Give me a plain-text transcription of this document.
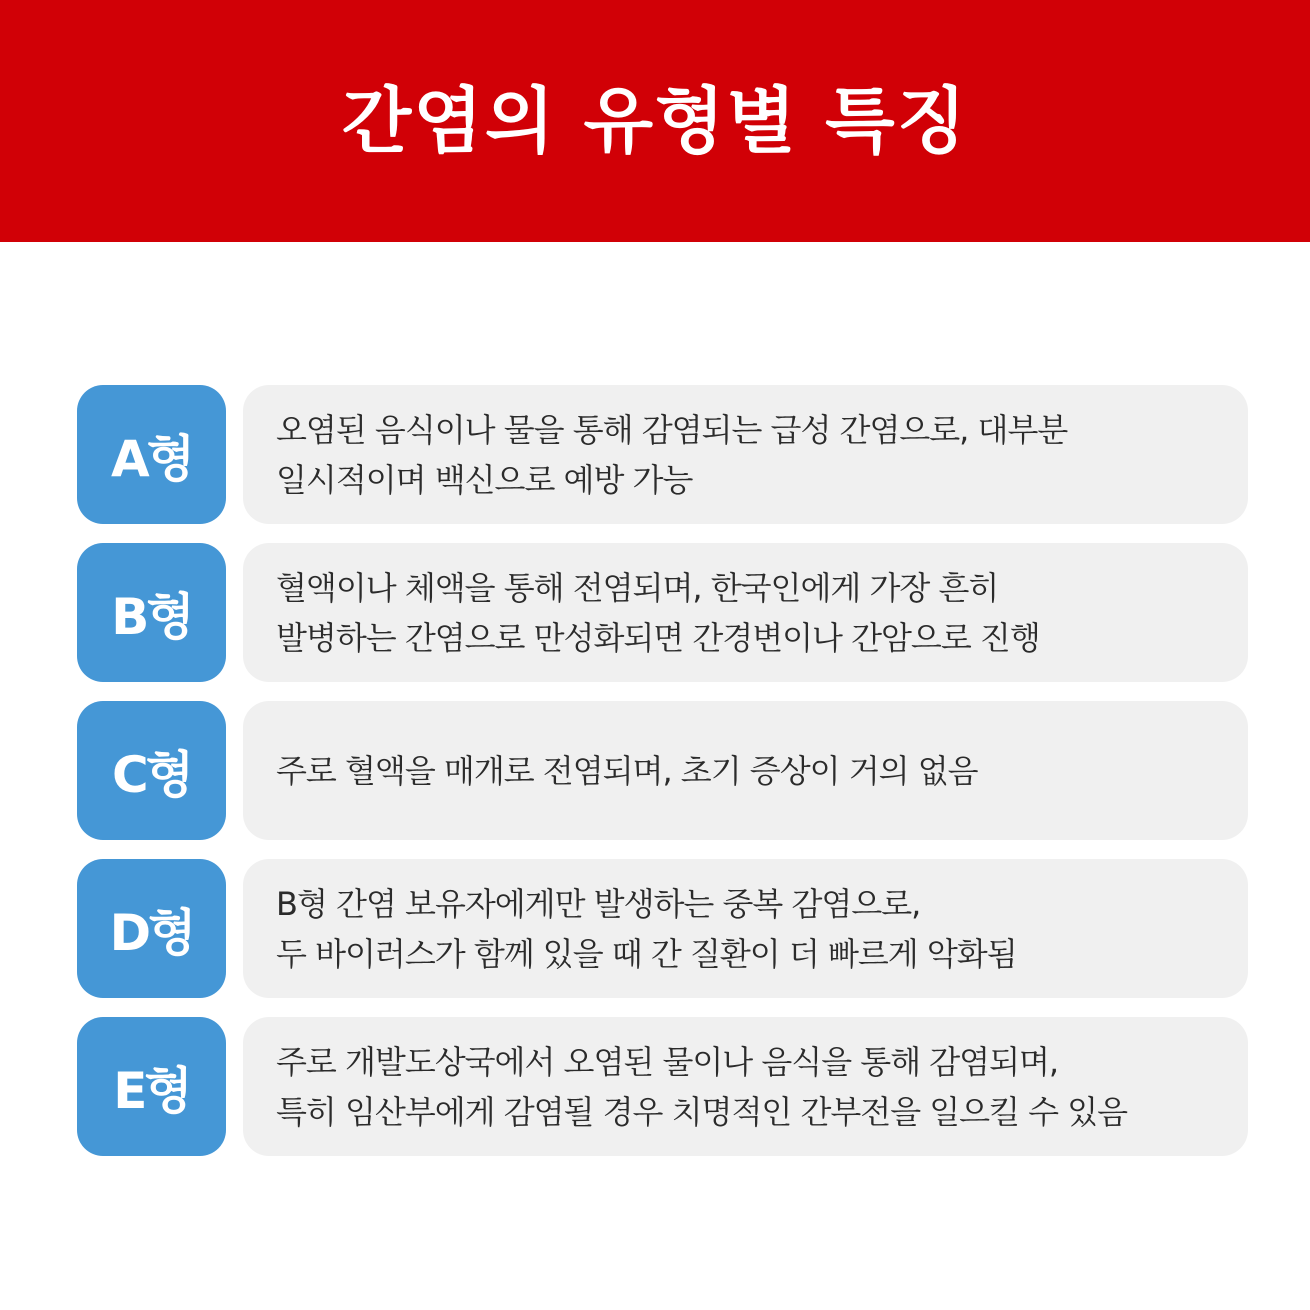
간염의 유형별 특징
A형	오염된 음식이나 물을 통해 감염되는 급성 간염으로, 대부분
일시적이며 백신으로 예방 가능
B형	혈액이나 체액을 통해 전염되며, 한국인에게 가장 흔히
발병하는 간염으로 만성화되면 간경변이나 간암으로 진행
C형	주로 혈액을 매개로 전염되며, 초기 증상이 거의 없음
D형	B형 간염 보유자에게만 발생하는 중복 감염으로,
두 바이러스가 함께 있을 때 간 질환이 더 빠르게 악화됨
E형	주로 개발도상국에서 오염된 물이나 음식을 통해 감염되며,
특히 임산부에게 감염될 경우 치명적인 간부전을 일으킬 수 있음
